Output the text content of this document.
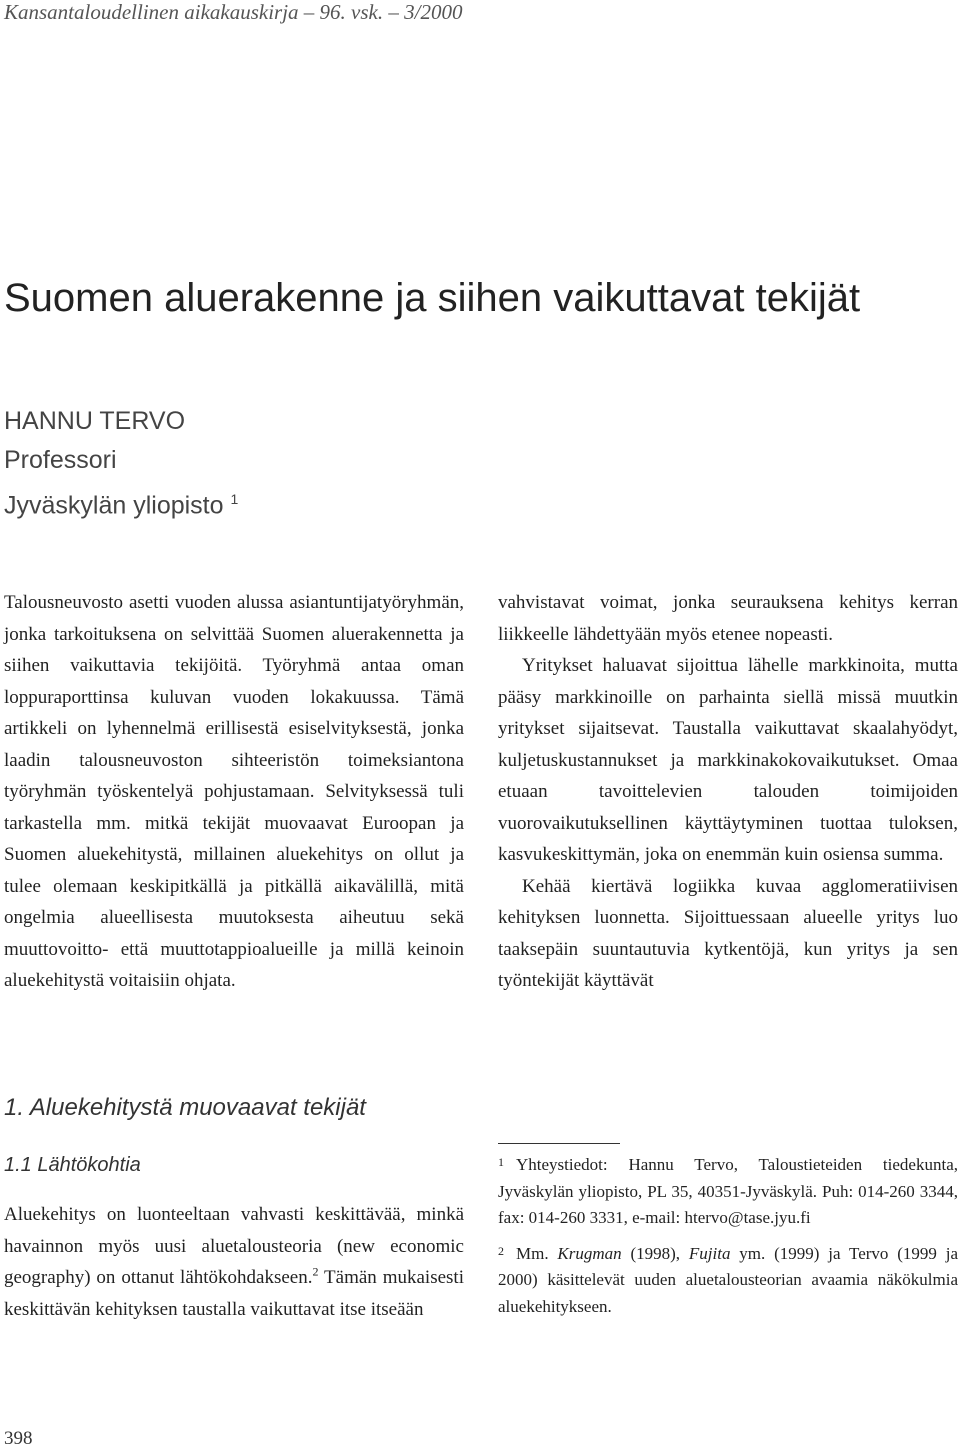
Kansantaloudellinen aikakauskirja – 96. vsk. – 3/2000
Suomen aluerakenne ja siihen vaikuttavat tekijät
HANNU TERVO
Professori
Jyväskylän yliopisto $^1$

Talousneuvosto asetti vuoden alussa asiantuntijatyöryhmän, jonka tarkoituksena on selvittää Suomen aluerakennetta ja siihen vaikuttavia tekijöitä. Työryhmä antaa oman loppuraporttinsa kuluvan vuoden lokakuussa. Tämä artikkeli on lyhennelmä erillisestä esiselvityksestä, jonka laadin talousneuvoston sihteeristön toimeksiantona työryhmän työskentelyä pohjustamaan. Selvityksessä tuli tarkastella mm. mitkä tekijät muovaavat Euroopan ja Suomen aluekehitystä, millainen aluekehitys on ollut ja tulee olemaan keskipitkällä ja pitkällä aikavälillä, mitä ongelmia alueellisesta muutoksesta aiheutuu sekä muuttovoitto- että muuttotappioalueille ja millä keinoin aluekehitystä voitaisiin ohjata.

vahvistavat voimat, jonka seurauksena kehitys kerran liikkeelle lähdettyään myös etenee nopeasti.

Yritykset haluavat sijoittua lähelle markkinoita, mutta pääsy markkinoille on parhainta siellä missä muutkin yritykset sijaitsevat. Taustalla vaikuttavat skaalahyödyt, kuljetuskustannukset ja markkinakokovaikutukset. Omaa etuaan tavoittelevien talouden toimijoiden vuorovaikutuksellinen käyttäytyminen tuottaa tuloksen, kasvukeskittymän, joka on enemmän kuin osiensa summa.

Kehää kiertävä logiikka kuvaa agglomeratiivisen kehityksen luonnetta. Sijoittuessaan alueelle yritys luo taaksepäin suuntautuvia kytkentöjä, kun yritys ja sen työntekijät käyttävät

1. Aluekehitystä muovaavat tekijät
1.1 Lähtökohtia

Aluekehitys on luonteeltaan vahvasti keskittävää, minkä havainnon myös uusi aluetalousteoria (new economic geography) on ottanut lähtökohdakseen.$^2$ Tämän mukaisesti keskittävän kehityksen taustalla vaikuttavat itse itseään

$^1$ Yhteystiedot: Hannu Tervo, Taloustieteiden tiedekunta, Jyväskylän yliopisto, PL 35, 40351-Jyväskylä. Puh: 014-260 3344, fax: 014-260 3331, e-mail: htervo@tase.jyu.fi

$^2$ Mm. Krugman (1998), Fujita ym. (1999) ja Tervo (1999 ja 2000) käsittelevät uuden aluetalousteorian avaamia näkökulmia aluekehitykseen.

398
